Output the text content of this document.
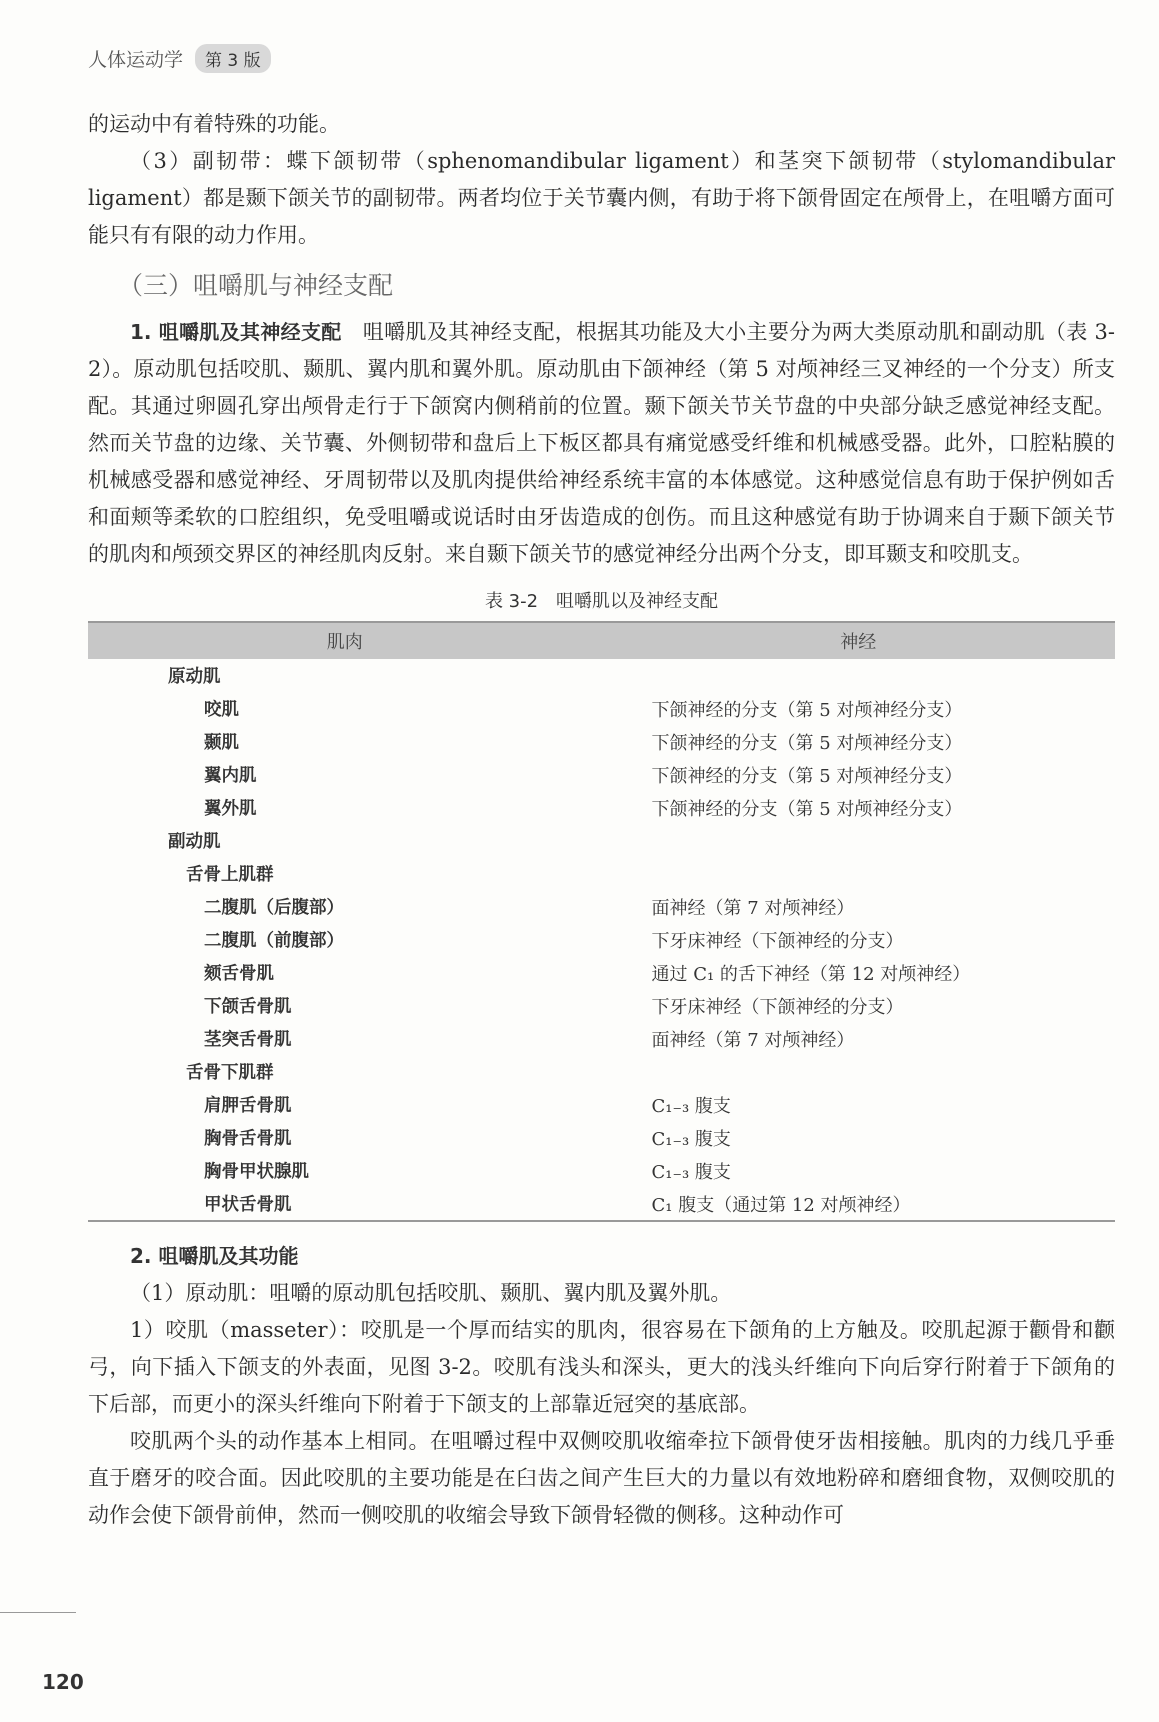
人体运动学	第 3 版

的运动中有着特殊的功能。

（3）副韧带：蝶下颌韧带（sphenomandibular ligament）和茎突下颌韧带（stylomandibular ligament）都是颞下颌关节的副韧带。两者均位于关节囊内侧，有助于将下颌骨固定在颅骨上，在咀嚼方面可能只有有限的动力作用。

（三）咀嚼肌与神经支配

1. 咀嚼肌及其神经支配　 咀嚼肌及其神经支配，根据其功能及大小主要分为两大类原动肌和副动肌（表 3-2）。原动肌包括咬肌、颞肌、翼内肌和翼外肌。原动肌由下颌神经（第 5 对颅神经三叉神经的一个分支）所支配。其通过卵圆孔穿出颅骨走行于下颌窝内侧稍前的位置。颞下颌关节关节盘的中央部分缺乏感觉神经支配。然而关节盘的边缘、关节囊、外侧韧带和盘后上下板区都具有痛觉感受纤维和机械感受器。此外，口腔粘膜的机械感受器和感觉神经、牙周韧带以及肌肉提供给神经系统丰富的本体感觉。这种感觉信息有助于保护例如舌和面颊等柔软的口腔组织，免受咀嚼或说话时由牙齿造成的创伤。而且这种感觉有助于协调来自于颞下颌关节的肌肉和颅颈交界区的神经肌肉反射。来自颞下颌关节的感觉神经分出两个分支，即耳颞支和咬肌支。

表 3-2　咀嚼肌以及神经支配
肌肉	神经
原动肌	
咬肌	下颌神经的分支（第 5 对颅神经分支）
颞肌	下颌神经的分支（第 5 对颅神经分支）
翼内肌	下颌神经的分支（第 5 对颅神经分支）
翼外肌	下颌神经的分支（第 5 对颅神经分支）
副动肌	
舌骨上肌群	
二腹肌（后腹部）	面神经（第 7 对颅神经）
二腹肌（前腹部）	下牙床神经（下颌神经的分支）
颏舌骨肌	通过 C₁ 的舌下神经（第 12 对颅神经）
下颌舌骨肌	下牙床神经（下颌神经的分支）
茎突舌骨肌	面神经（第 7 对颅神经）
舌骨下肌群	
肩胛舌骨肌	C₁₋₃ 腹支
胸骨舌骨肌	C₁₋₃ 腹支
胸骨甲状腺肌	C₁₋₃ 腹支
甲状舌骨肌	C₁ 腹支（通过第 12 对颅神经）

2. 咀嚼肌及其功能

（1）原动肌：咀嚼的原动肌包括咬肌、颞肌、翼内肌及翼外肌。

1）咬肌（masseter）：咬肌是一个厚而结实的肌肉，很容易在下颌角的上方触及。咬肌起源于颧骨和颧弓，向下插入下颌支的外表面，见图 3-2。咬肌有浅头和深头，更大的浅头纤维向下向后穿行附着于下颌角的下后部，而更小的深头纤维向下附着于下颌支的上部靠近冠突的基底部。

咬肌两个头的动作基本上相同。在咀嚼过程中双侧咬肌收缩牵拉下颌骨使牙齿相接触。肌肉的力线几乎垂直于磨牙的咬合面。因此咬肌的主要功能是在臼齿之间产生巨大的力量以有效地粉碎和磨细食物，双侧咬肌的动作会使下颌骨前伸，然而一侧咬肌的收缩会导致下颌骨轻微的侧移。这种动作可

120
